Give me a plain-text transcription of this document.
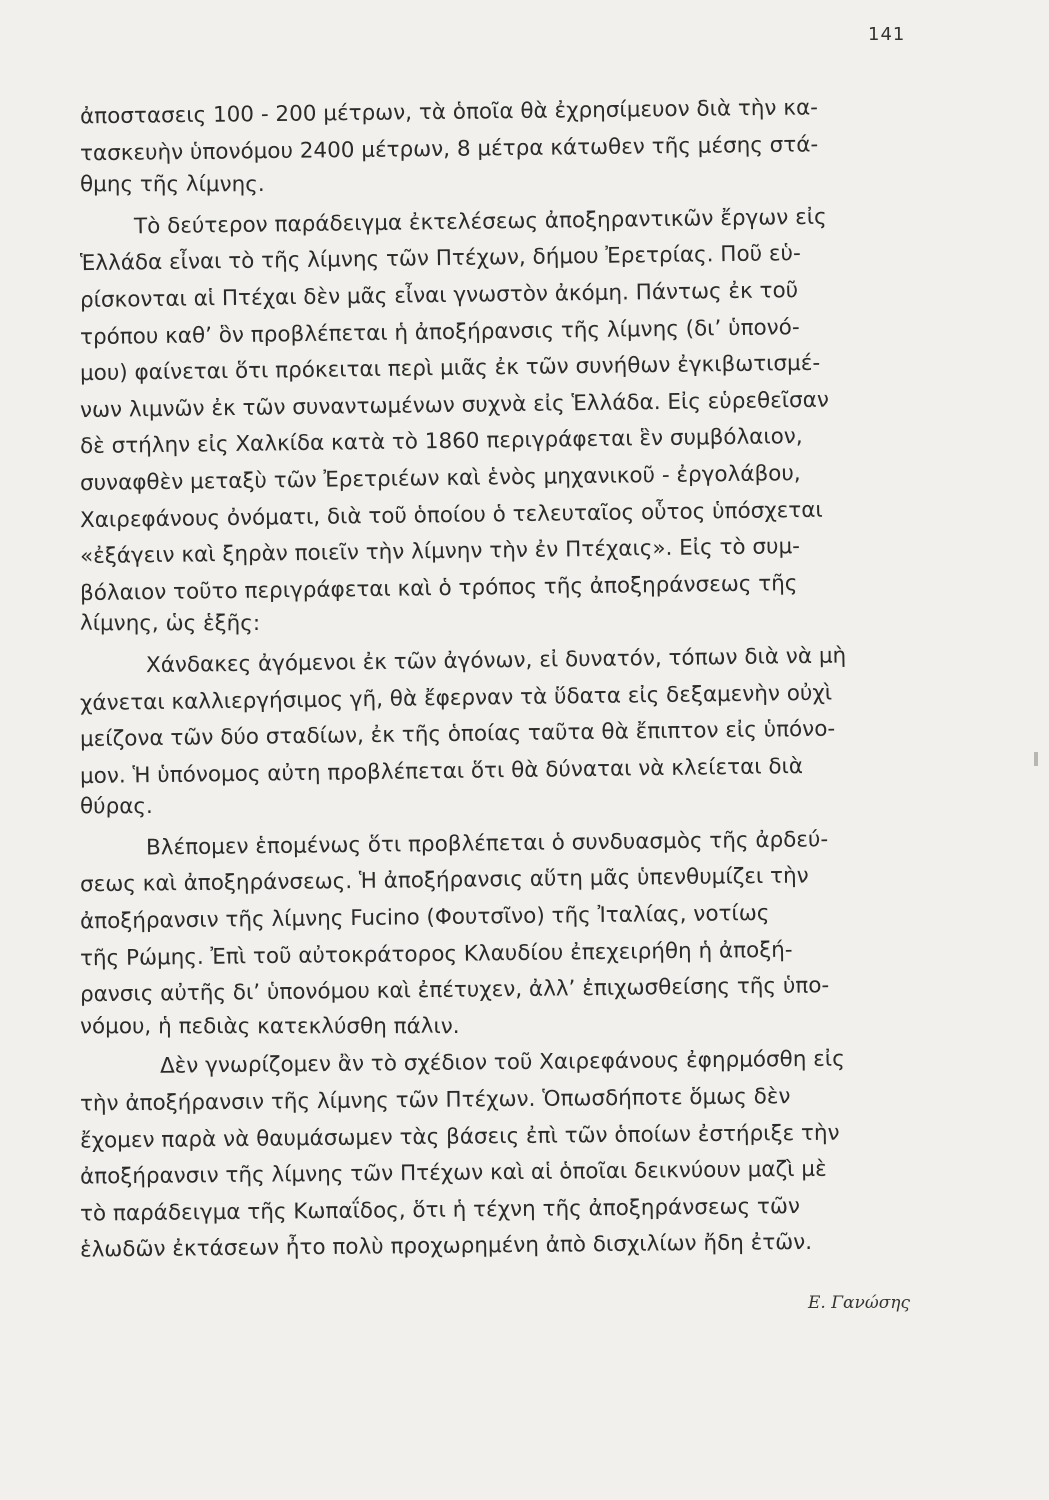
141
ἀποστασεις 100 - 200 μέτρων, τὰ ὁποῖα θὰ ἐχρησίμευον διὰ τὴν κα-
τασκευὴν ὑπονόμου 2400 μέτρων, 8 μέτρα κάτωθεν τῆς μέσης στά-
θμης τῆς λίμνης.
Τὸ δεύτερον παράδειγμα ἐκτελέσεως ἀποξηραντικῶν ἔργων εἰς
Ἑλλάδα εἶναι τὸ τῆς λίμνης τῶν Πτέχων, δήμου Ἐρετρίας. Ποῦ εὑ-
ρίσκονται αἱ Πτέχαι δὲν μᾶς εἶναι γνωστὸν ἀκόμη. Πάντως ἐκ τοῦ
τρόπου καθ’ ὃν προβλέπεται ἡ ἀποξήρανσις τῆς λίμνης (δι’ ὑπονό-
μου) φαίνεται ὅτι πρόκειται περὶ μιᾶς ἐκ τῶν συνήθων ἐγκιβωτισμέ-
νων λιμνῶν ἐκ τῶν συναντωμένων συχνὰ εἰς Ἑλλάδα. Εἰς εὑρεθεῖσαν
δὲ στήλην εἰς Χαλκίδα κατὰ τὸ 1860 περιγράφεται ἓν συμβόλαιον,
συναφθὲν μεταξὺ τῶν Ἐρετριέων καὶ ἑνὸς μηχανικοῦ - ἐργολάβου,
Χαιρεφάνους ὀνόματι, διὰ τοῦ ὁποίου ὁ τελευταῖος οὗτος ὑπόσχεται
«ἐξάγειν καὶ ξηρὰν ποιεῖν τὴν λίμνην τὴν ἐν Πτέχαις». Εἰς τὸ συμ-
βόλαιον τοῦτο περιγράφεται καὶ ὁ τρόπος τῆς ἀποξηράνσεως τῆς
λίμνης, ὡς ἑξῆς:
Χάνδακες ἀγόμενοι ἐκ τῶν ἀγόνων, εἰ δυνατόν, τόπων διὰ νὰ μὴ
χάνεται καλλιεργήσιμος γῆ, θὰ ἔφερναν τὰ ὕδατα εἰς δεξαμενὴν οὐχὶ
μείζονα τῶν δύο σταδίων, ἐκ τῆς ὁποίας ταῦτα θὰ ἔπιπτον εἰς ὑπόνο-
μον. Ἡ ὑπόνομος αὐτη προβλέπεται ὅτι θὰ δύναται νὰ κλείεται διὰ
θύρας.
Βλέπομεν ἑπομένως ὅτι προβλέπεται ὁ συνδυασμὸς τῆς ἀρδεύ-
σεως καὶ ἀποξηράνσεως. Ἡ ἀποξήρανσις αὕτη μᾶς ὑπενθυμίζει τὴν
ἀποξήρανσιν τῆς λίμνης Fucino (Φουτσῖνο) τῆς Ἰταλίας, νοτίως
τῆς Ρώμης. Ἐπὶ τοῦ αὐτοκράτορος Κλαυδίου ἐπεχειρήθη ἡ ἀποξή-
ρανσις αὐτῆς δι’ ὑπονόμου καὶ ἐπέτυχεν, ἀλλ’ ἐπιχωσθείσης τῆς ὑπο-
νόμου, ἡ πεδιὰς κατεκλύσθη πάλιν.
Δὲν γνωρίζομεν ἂν τὸ σχέδιον τοῦ Χαιρεφάνους ἐφηρμόσθη εἰς
τὴν ἀποξήρανσιν τῆς λίμνης τῶν Πτέχων. Ὁπωσδήποτε ὅμως δὲν
ἔχομεν παρὰ νὰ θαυμάσωμεν τὰς βάσεις ἐπὶ τῶν ὁποίων ἐστήριξε τὴν
ἀποξήρανσιν τῆς λίμνης τῶν Πτέχων καὶ αἱ ὁποῖαι δεικνύουν μαζὶ μὲ
τὸ παράδειγμα τῆς Κωπαΐδος, ὅτι ἡ τέχνη τῆς ἀποξηράνσεως τῶν
ἑλωδῶν ἐκτάσεων ἦτο πολὺ προχωρημένη ἀπὸ δισχιλίων ἤδη ἐτῶν.
Ε. Γανώσης
